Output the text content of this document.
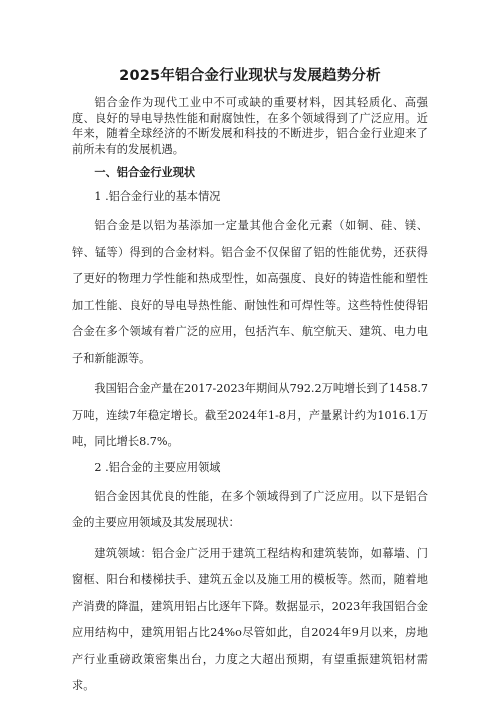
2025年铝合金行业现状与发展趋势分析

铝合金作为现代工业中不可或缺的重要材料，因其轻质化、高强度、良好的导电导热性能和耐腐蚀性，在多个领域得到了广泛应用。近年来，随着全球经济的不断发展和科技的不断进步，铝合金行业迎来了前所未有的发展机遇。

一、铝合金行业现状

1 .铝合金行业的基本情况

铝合金是以铝为基添加一定量其他合金化元素（如铜、硅、镁、锌、锰等）得到的合金材料。铝合金不仅保留了铝的性能优势，还获得了更好的物理力学性能和热成型性，如高强度、良好的铸造性能和塑性加工性能、良好的导电导热性能、耐蚀性和可焊性等。这些特性使得铝合金在多个领域有着广泛的应用，包括汽车、航空航天、建筑、电力电子和新能源等。

我国铝合金产量在2017-2023年期间从792.2万吨增长到了1458.7万吨，连续7年稳定增长。截至2024年1-8月，产量累计约为1016.1万吨，同比增长8.7%。

2 .铝合金的主要应用领域

铝合金因其优良的性能，在多个领域得到了广泛应用。以下是铝合金的主要应用领域及其发展现状：

建筑领域：铝合金广泛用于建筑工程结构和建筑装饰，如幕墙、门窗框、阳台和楼梯扶手、建筑五金以及施工用的模板等。然而，随着地产消费的降温，建筑用铝占比逐年下降。数据显示，2023年我国铝合金应用结构中，建筑用铝占比24%o尽管如此，自2024年9月以来，房地产行业重磅政策密集出台，力度之大超出预期，有望重振建筑铝材需求。
